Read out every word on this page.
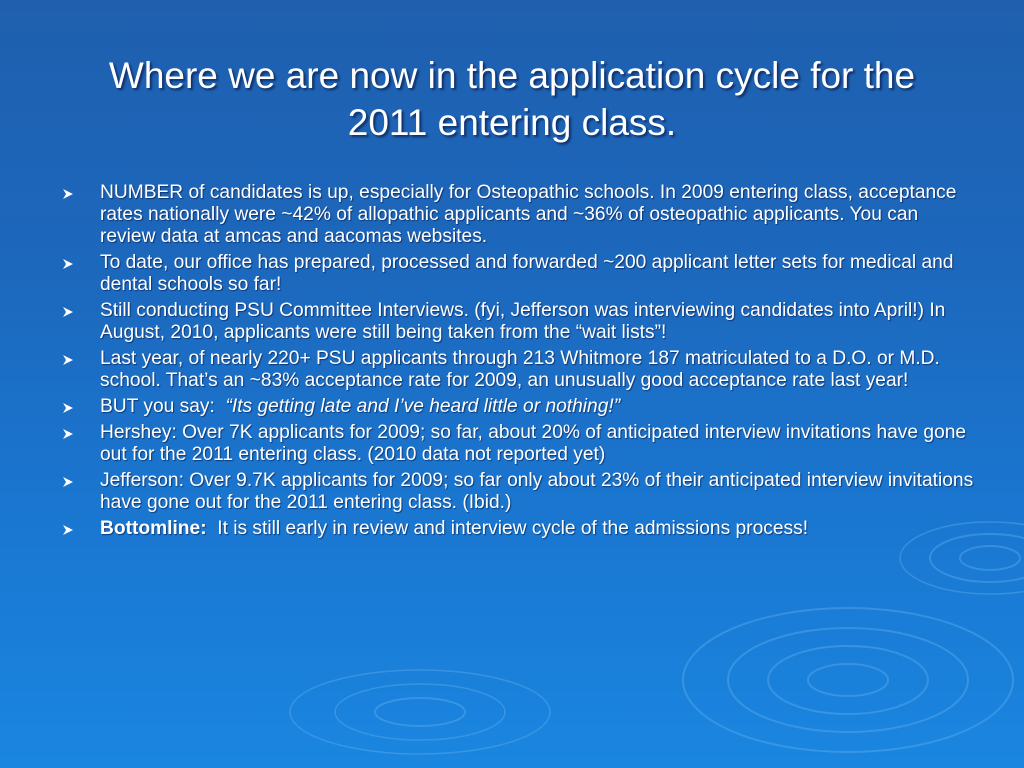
Where we are now in the application cycle for the
2011 entering class.
NUMBER of candidates is up, especially for Osteopathic schools. In 2009 entering class, acceptance rates nationally were ~42% of allopathic applicants and ~36% of osteopathic applicants. You can review data at amcas and aacomas websites.
To date, our office has prepared, processed and forwarded ~200 applicant letter sets for medical and dental schools so far!
Still conducting PSU Committee Interviews. (fyi, Jefferson was interviewing candidates into April!) In August, 2010, applicants were still being taken from the “wait lists”!
Last year, of nearly 220+ PSU applicants through 213 Whitmore 187 matriculated to a D.O. or M.D. school. That’s an ~83% acceptance rate for 2009, an unusually good acceptance rate last year!
BUT you say:  “Its getting late and I’ve heard little or nothing!”
Hershey: Over 7K applicants for 2009; so far, about 20% of anticipated interview invitations have gone out for the 2011 entering class. (2010 data not reported yet)
Jefferson: Over 9.7K applicants for 2009; so far only about 23% of their anticipated interview invitations have gone out for the 2011 entering class. (Ibid.)
Bottomline:  It is still early in review and interview cycle of the admissions process!
